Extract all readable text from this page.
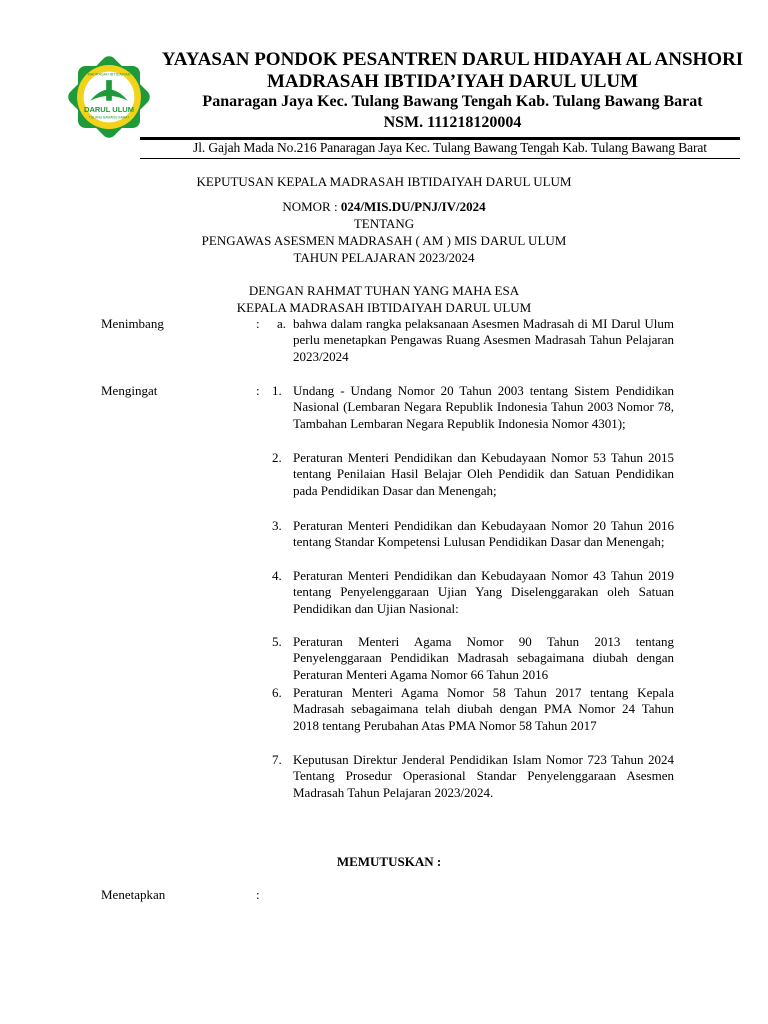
DARUL ULUM
MADRASAH IBTIDAIYAH
TULANG BAWANG BARAT
YAYASAN PONDOK PESANTREN DARUL HIDAYAH AL ANSHORI
MADRASAH IBTIDA’IYAH DARUL ULUM
Panaragan Jaya Kec. Tulang Bawang Tengah Kab. Tulang Bawang Barat
NSM. 111218120004
Jl. Gajah Mada No.216 Panaragan Jaya Kec. Tulang Bawang Tengah Kab. Tulang Bawang Barat
KEPUTUSAN KEPALA MADRASAH IBTIDAIYAH DARUL ULUM
NOMOR : 024/MIS.DU/PNJ/IV/2024
TENTANG
PENGAWAS ASESMEN MADRASAH ( AM ) MIS DARUL ULUM
TAHUN PELAJARAN 2023/2024
DENGAN RAHMAT TUHAN YANG MAHA ESA
KEPALA MADRASAH IBTIDAIYAH DARUL ULUM
Menimbang	: a. bahwa dalam rangka pelaksanaan Asesmen Madrasah di MI Darul Ulum perlu menetapkan Pengawas Ruang Asesmen Madrasah Tahun Pelajaran 2023/2024
Mengingat	: 1. Undang - Undang Nomor 20 Tahun 2003 tentang Sistem Pendidikan Nasional (Lembaran Negara Republik Indonesia Tahun 2003 Nomor 78, Tambahan Lembaran Negara Republik Indonesia Nomor 4301);
2. Peraturan Menteri Pendidikan dan Kebudayaan Nomor 53 Tahun 2015 tentang Penilaian Hasil Belajar Oleh Pendidik dan Satuan Pendidikan pada Pendidikan Dasar dan Menengah;
3. Peraturan Menteri Pendidikan dan Kebudayaan Nomor 20 Tahun 2016 tentang Standar Kompetensi Lulusan Pendidikan Dasar dan Menengah;
4. Peraturan Menteri Pendidikan dan Kebudayaan Nomor 43 Tahun 2019 tentang Penyelenggaraan Ujian Yang Diselenggarakan oleh Satuan Pendidikan dan Ujian Nasional:
5. Peraturan Menteri Agama Nomor 90 Tahun 2013 tentang Penyelenggaraan Pendidikan Madrasah sebagaimana diubah dengan Peraturan Menteri Agama Nomor 66 Tahun 2016
6. Peraturan Menteri Agama Nomor 58 Tahun 2017 tentang Kepala Madrasah sebagaimana telah diubah dengan PMA Nomor 24 Tahun 2018 tentang Perubahan Atas PMA Nomor 58 Tahun 2017
7. Keputusan Direktur Jenderal Pendidikan Islam Nomor 723 Tahun 2024 Tentang Prosedur Operasional Standar Penyelenggaraan Asesmen Madrasah Tahun Pelajaran 2023/2024.
MEMUTUSKAN :
Menetapkan	:
